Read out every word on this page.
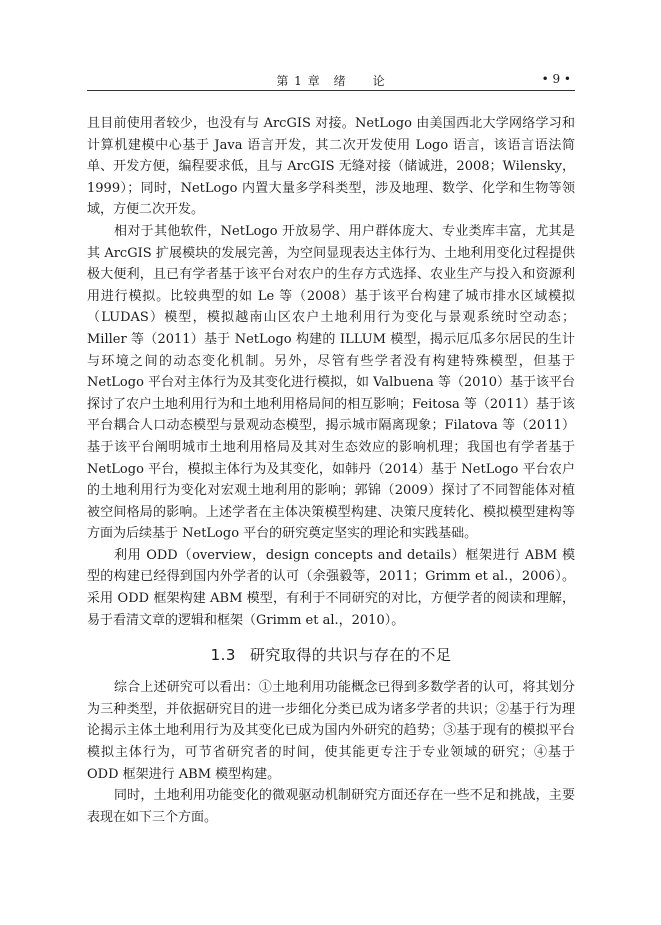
第 1 章　绪　　论	• 9 •

且目前使用者较少，也没有与 ArcGIS 对接。NetLogo 由美国西北大学网络学习和计算机建模中心基于 Java 语言开发，其二次开发使用 Logo 语言，该语言语法简单、开发方便，编程要求低，且与 ArcGIS 无缝对接（储诚进，2008；Wilensky，1999）；同时，NetLogo 内置大量多学科类型，涉及地理、数学、化学和生物等领域，方便二次开发。

相对于其他软件，NetLogo 开放易学、用户群体庞大、专业类库丰富，尤其是其 ArcGIS 扩展模块的发展完善，为空间显现表达主体行为、土地利用变化过程提供极大便利，且已有学者基于该平台对农户的生存方式选择、农业生产与投入和资源利用进行模拟。比较典型的如 Le 等（2008）基于该平台构建了城市排水区域模拟（LUDAS）模型，模拟越南山区农户土地利用行为变化与景观系统时空动态；Miller 等（2011）基于 NetLogo 构建的 ILLUM 模型，揭示厄瓜多尔居民的生计与环境之间的动态变化机制。另外，尽管有些学者没有构建特殊模型，但基于 NetLogo 平台对主体行为及其变化进行模拟，如 Valbuena 等（2010）基于该平台探讨了农户土地利用行为和土地利用格局间的相互影响；Feitosa 等（2011）基于该平台耦合人口动态模型与景观动态模型，揭示城市隔离现象；Filatova 等（2011）基于该平台阐明城市土地利用格局及其对生态效应的影响机理；我国也有学者基于 NetLogo 平台，模拟主体行为及其变化，如韩丹（2014）基于 NetLogo 平台农户的土地利用行为变化对宏观土地利用的影响；郭锦（2009）探讨了不同智能体对植被空间格局的影响。上述学者在主体决策模型构建、决策尺度转化、模拟模型建构等方面为后续基于 NetLogo 平台的研究奠定坚实的理论和实践基础。

利用 ODD（overview，design concepts and details）框架进行 ABM 模型的构建已经得到国内外学者的认可（余强毅等，2011；Grimm et al.，2006）。采用 ODD 框架构建 ABM 模型，有利于不同研究的对比，方便学者的阅读和理解，易于看清文章的逻辑和框架（Grimm et al.，2010）。

1.3 研究取得的共识与存在的不足

综合上述研究可以看出：①土地利用功能概念已得到多数学者的认可，将其划分为三种类型，并依据研究目的进一步细化分类已成为诸多学者的共识；②基于行为理论揭示主体土地利用行为及其变化已成为国内外研究的趋势；③基于现有的模拟平台模拟主体行为，可节省研究者的时间，使其能更专注于专业领域的研究；④基于 ODD 框架进行 ABM 模型构建。

同时，土地利用功能变化的微观驱动机制研究方面还存在一些不足和挑战，主要表现在如下三个方面。
